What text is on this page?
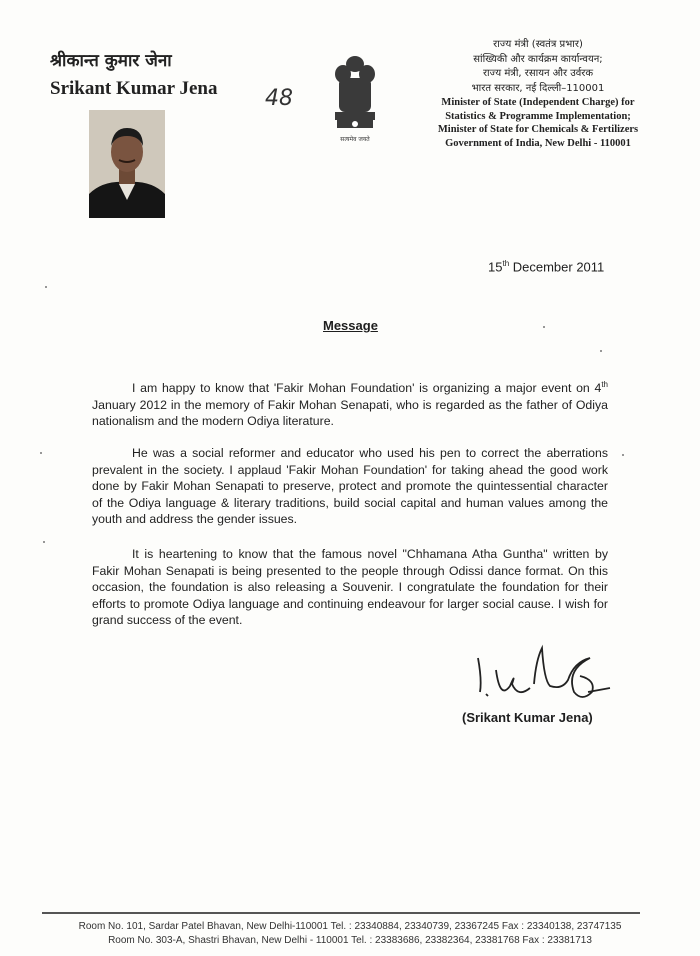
श्रीकान्त कुमार जेना
Srikant Kumar Jena 48
सत्यमेव जयते
राज्य मंत्री (स्वतंत्र प्रभार)
सांख्यिकी और कार्यक्रम कार्यान्वयन;
राज्य मंत्री, रसायन और उर्वरक
भारत सरकार, नई दिल्ली–110001
Minister of State (Independent Charge) for
Statistics & Programme Implementation;
Minister of State for Chemicals & Fertilizers
Government of India, New Delhi - 110001
15th December 2011
Message

I am happy to know that 'Fakir Mohan Foundation' is organizing a major event on 4th January 2012 in the memory of Fakir Mohan Senapati, who is regarded as the father of Odiya nationalism and the modern Odiya literature.

He was a social reformer and educator who used his pen to correct the aberrations prevalent in the society. I applaud 'Fakir Mohan Foundation' for taking ahead the good work done by Fakir Mohan Senapati to preserve, protect and promote the quintessential character of the Odiya language & literary traditions, build social capital and human values among the youth and address the gender issues.

It is heartening to know that the famous novel "Chhamana Atha Guntha" written by Fakir Mohan Senapati is being presented to the people through Odissi dance format. On this occasion, the foundation is also releasing a Souvenir. I congratulate the foundation for their efforts to promote Odiya language and continuing endeavour for larger social cause. I wish for grand success of the event.

(Srikant Kumar Jena)
Room No. 101, Sardar Patel Bhavan, New Delhi-110001 Tel. : 23340884, 23340739, 23367245 Fax : 23340138, 23747135
Room No. 303-A, Shastri Bhavan, New Delhi - 110001 Tel. : 23383686, 23382364, 23381768 Fax : 23381713
